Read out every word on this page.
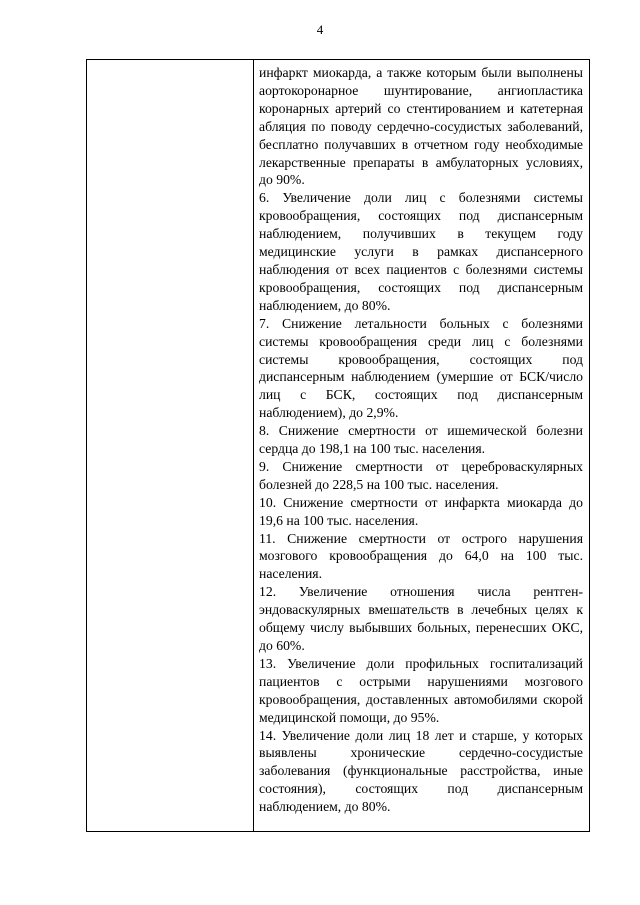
4

инфаркт миокарда, а также которым были выполнены аортокоронарное шунтирование, ангиопластика коронарных артерий со стентированием и катетерная абляция по поводу сердечно-сосудистых заболеваний, бесплатно получавших в отчетном году необходимые лекарственные препараты в амбулаторных условиях, до 90%.

6. Увеличение доли лиц с болезнями системы кровообращения, состоящих под диспансерным наблюдением, получивших в текущем году медицинские услуги в рамках диспансерного наблюдения от всех пациентов с болезнями системы кровообращения, состоящих под диспансерным наблюдением, до 80%.

7. Снижение летальности больных с болезнями системы кровообращения среди лиц с болезнями системы кровообращения, состоящих под диспансерным наблюдением (умершие от БСК/число лиц с БСК, состоящих под диспансерным наблюдением), до 2,9%.

8. Снижение смертности от ишемической болезни сердца до 198,1 на 100 тыс. населения.

9. Снижение смертности от цереброваскулярных болезней до 228,5 на 100 тыс. населения.

10. Снижение смертности от инфаркта миокарда до 19,6 на 100 тыс. населения.

11. Снижение смертности от острого нарушения мозгового кровообращения до 64,0 на 100 тыс. населения.

12. Увеличение отношения числа рентген-эндоваскулярных вмешательств в лечебных целях к общему числу выбывших больных, перенесших ОКС, до 60%.

13. Увеличение доли профильных госпитализаций пациентов с острыми нарушениями мозгового кровообращения, доставленных автомобилями скорой медицинской помощи, до 95%.

14. Увеличение доли лиц 18 лет и старше, у которых выявлены хронические сердечно-сосудистые заболевания (функциональные расстройства, иные состояния), состоящих под диспансерным наблюдением, до 80%.
